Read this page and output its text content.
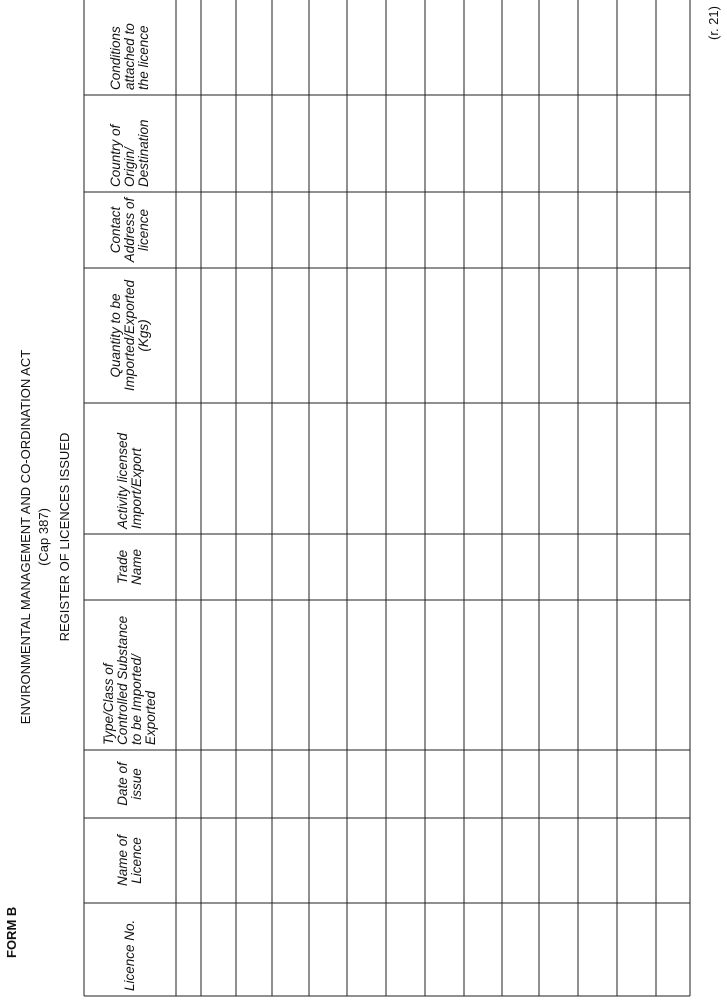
FORM B
(r. 21)
ENVIRONMENTAL MANAGEMENT AND CO-ORDINATION ACT (Cap 387) REGISTER OF LICENCES ISSUED
Licence No.
Name of Licence
Date of issue
Type/Class of Controlled Substance to be Imported/ Exported
Trade Name
Activity licensed Import/Export
Quantity to be Imported/Exported (Kgs)
Contact Address of licence
Country of Origin/ Destination
Conditions attached to the licence
